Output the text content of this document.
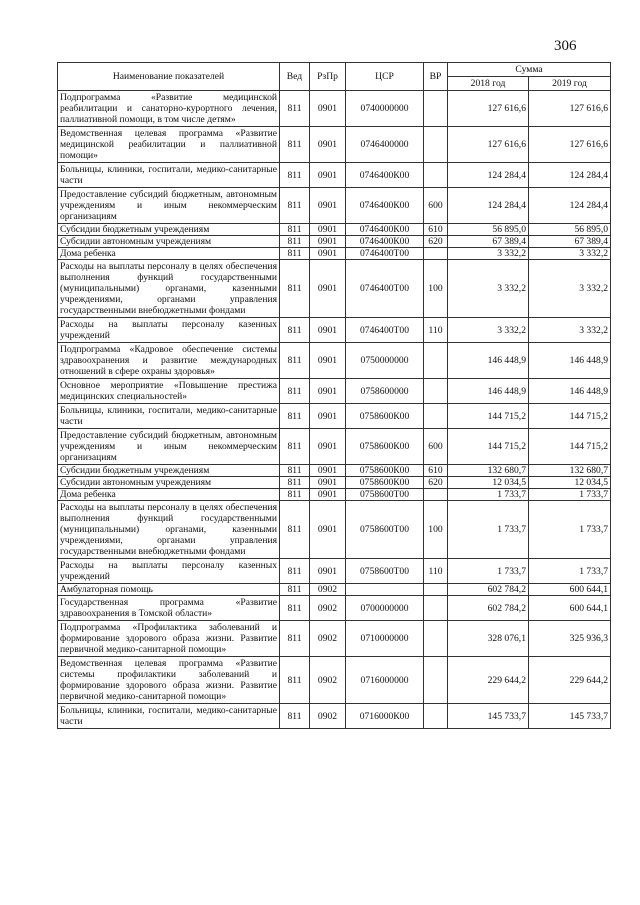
306
Наименование показателей	Вед	РзПр	ЦСР	ВР	Сумма	
					2018 год	2019 год
Подпрограмма «Развитие медицинской реабилитации и санаторно-курортного лечения, паллиативной помощи, в том числе детям»	811	0901	0740000000		127 616,6	127 616,6
Ведомственная целевая программа «Развитие медицинской реабилитации и паллиативной помощи»	811	0901	0746400000		127 616,6	127 616,6
Больницы, клиники, госпитали, медико-санитарные части	811	0901	0746400К00		124 284,4	124 284,4
Предоставление субсидий бюджетным, автономным учреждениям и иным некоммерческим организациям	811	0901	0746400К00	600	124 284,4	124 284,4
Субсидии бюджетным учреждениям	811	0901	0746400К00	610	56 895,0	56 895,0
Субсидии автономным учреждениям	811	0901	0746400К00	620	67 389,4	67 389,4
Дома ребенка	811	0901	0746400Т00		3 332,2	3 332,2
Расходы на выплаты персоналу в целях обеспечения выполнения функций государственными (муниципальными) органами, казенными учреждениями, органами управления государственными внебюджетными фондами	811	0901	0746400Т00	100	3 332,2	3 332,2
Расходы на выплаты персоналу казенных учреждений	811	0901	0746400Т00	110	3 332,2	3 332,2
Подпрограмма «Кадровое обеспечение системы здравоохранения и развитие международных отношений в сфере охраны здоровья»	811	0901	0750000000		146 448,9	146 448,9
Основное мероприятие «Повышение престижа медицинских специальностей»	811	0901	0758600000		146 448,9	146 448,9
Больницы, клиники, госпитали, медико-санитарные части	811	0901	0758600К00		144 715,2	144 715,2
Предоставление субсидий бюджетным, автономным учреждениям и иным некоммерческим организациям	811	0901	0758600К00	600	144 715,2	144 715,2
Субсидии бюджетным учреждениям	811	0901	0758600К00	610	132 680,7	132 680,7
Субсидии автономным учреждениям	811	0901	0758600К00	620	12 034,5	12 034,5
Дома ребенка	811	0901	0758600Т00		1 733,7	1 733,7
Расходы на выплаты персоналу в целях обеспечения выполнения функций государственными (муниципальными) органами, казенными учреждениями, органами управления государственными внебюджетными фондами	811	0901	0758600Т00	100	1 733,7	1 733,7
Расходы на выплаты персоналу казенных учреждений	811	0901	0758600Т00	110	1 733,7	1 733,7
Амбулаторная помощь	811	0902			602 784,2	600 644,1
Государственная программа «Развитие здравоохранения в Томской области»	811	0902	0700000000		602 784,2	600 644,1
Подпрограмма «Профилактика заболеваний и формирование здорового образа жизни. Развитие первичной медико-санитарной помощи»	811	0902	0710000000		328 076,1	325 936,3
Ведомственная целевая программа «Развитие системы профилактики заболеваний и формирование здорового образа жизни. Развитие первичной медико-санитарной помощи»	811	0902	0716000000		229 644,2	229 644,2
Больницы, клиники, госпитали, медико-санитарные части	811	0902	0716000К00		145 733,7	145 733,7
